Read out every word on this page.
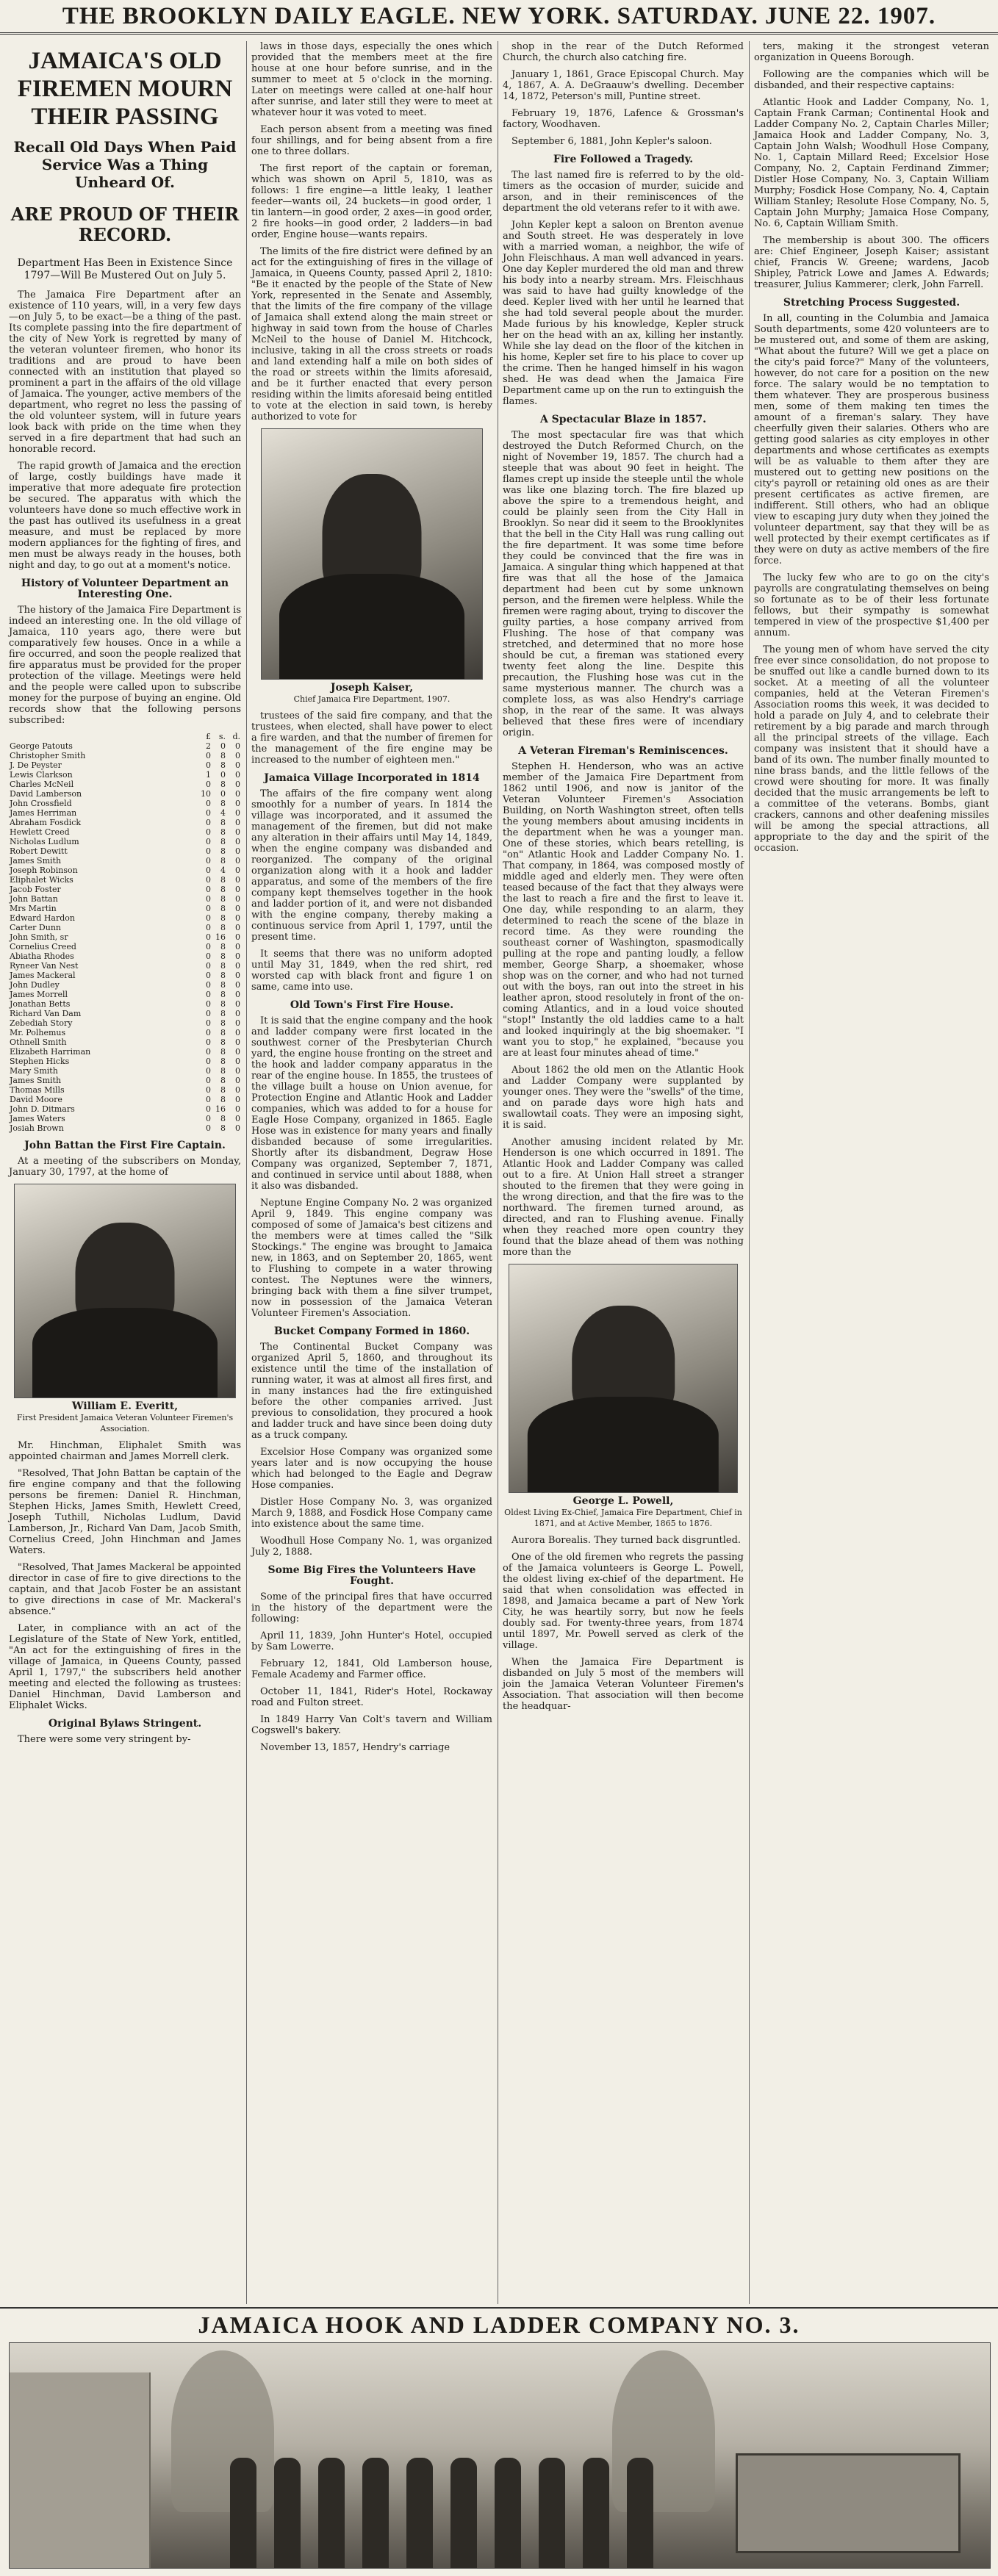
THE BROOKLYN DAILY EAGLE. NEW YORK. SATURDAY. JUNE 22. 1907.
JAMAICA'S OLD FIREMEN MOURN THEIR PASSING
Recall Old Days When Paid Service Was a Thing Unheard Of.
ARE PROUD OF THEIR RECORD.
Department Has Been in Existence Since 1797—Will Be Mustered Out on July 5.

The Jamaica Fire Department after an existence of 110 years, will, in a very few days—on July 5, to be exact—be a thing of the past. Its complete passing into the fire department of the city of New York is regretted by many of the veteran volunteer firemen, who honor its traditions and are proud to have been connected with an institution that played so prominent a part in the affairs of the old village of Jamaica. The younger, active members of the department, who regret no less the passing of the old volunteer system, will in future years look back with pride on the time when they served in a fire department that had such an honorable record.

The rapid growth of Jamaica and the erection of large, costly buildings have made it imperative that more adequate fire protection be secured. The apparatus with which the volunteers have done so much effective work in the past has outlived its usefulness in a great measure, and must be replaced by more modern appliances for the fighting of fires, and men must be always ready in the houses, both night and day, to go out at a moment's notice.

History of Volunteer Department an Interesting One.

The history of the Jamaica Fire Department is indeed an interesting one. In the old village of Jamaica, 110 years ago, there were but comparatively few houses. Once in a while a fire occurred, and soon the people realized that fire apparatus must be provided for the proper protection of the village. Meetings were held and the people were called upon to subscribe money for the purpose of buying an engine. Old records show that the following persons subscribed:

	£	s.	d.
George Patouts	2	0	0
Christopher Smith	0	8	0
J. De Peyster	0	8	0
Lewis Clarkson	1	0	0
Charles McNeil	0	8	0
David Lamberson	10	0	0
John Crossfield	0	8	0
James Herriman	0	4	0
Abraham Fosdick	0	8	0
Hewlett Creed	0	8	0
Nicholas Ludlum	0	8	0
Robert Dewitt	0	8	0
James Smith	0	8	0
Joseph Robinson	0	4	0
Eliphalet Wicks	0	8	0
Jacob Foster	0	8	0
John Battan	0	8	0
Mrs Martin	0	8	0
Edward Hardon	0	8	0
Carter Dunn	0	8	0
John Smith, sr	0	16	0
Cornelius Creed	0	8	0
Abiatha Rhodes	0	8	0
Ryneer Van Nest	0	8	0
James Mackeral	0	8	0
John Dudley	0	8	0
James Morrell	0	8	0
Jonathan Betts	0	8	0
Richard Van Dam	0	8	0
Zebediah Story	0	8	0
Mr. Polhemus	0	8	0
Othnell Smith	0	8	0
Elizabeth Harriman	0	8	0
Stephen Hicks	0	8	0
Mary Smith	0	8	0
James Smith	0	8	0
Thomas Mills	0	8	0
David Moore	0	8	0
John D. Ditmars	0	16	0
James Waters	0	8	0
Josiah Brown	0	8	0
John Battan the First Fire Captain.

At a meeting of the subscribers on Monday, January 30, 1797, at the home of

William E. Everitt,
First President Jamaica Veteran Volunteer Firemen's Association.

Mr. Hinchman, Eliphalet Smith was appointed chairman and James Morrell clerk.

"Resolved, That John Battan be captain of the fire engine company and that the following persons be firemen: Daniel R. Hinchman, Stephen Hicks, James Smith, Hewlett Creed, Joseph Tuthill, Nicholas Ludlum, David Lamberson, Jr., Richard Van Dam, Jacob Smith, Cornelius Creed, John Hinchman and James Waters.

"Resolved, That James Mackeral be appointed director in case of fire to give directions to the captain, and that Jacob Foster be an assistant to give directions in case of Mr. Mackeral's absence."

Later, in compliance with an act of the Legislature of the State of New York, entitled, "An act for the extinguishing of fires in the village of Jamaica, in Queens County, passed April 1, 1797," the subscribers held another meeting and elected the following as trustees: Daniel Hinchman, David Lamberson and Eliphalet Wicks.

Original Bylaws Stringent.

There were some very stringent by-

laws in those days, especially the ones which provided that the members meet at the fire house at one hour before sunrise, and in the summer to meet at 5 o'clock in the morning. Later on meetings were called at one-half hour after sunrise, and later still they were to meet at whatever hour it was voted to meet.

Each person absent from a meeting was fined four shillings, and for being absent from a fire one to three dollars.

The first report of the captain or foreman, which was shown on April 5, 1810, was as follows: 1 fire engine—a little leaky, 1 leather feeder—wants oil, 24 buckets—in good order, 1 tin lantern—in good order, 2 axes—in good order, 2 fire hooks—in good order, 2 ladders—in bad order, Engine house—wants repairs.

The limits of the fire district were defined by an act for the extinguishing of fires in the village of Jamaica, in Queens County, passed April 2, 1810: "Be it enacted by the people of the State of New York, represented in the Senate and Assembly, that the limits of the fire company of the village of Jamaica shall extend along the main street or highway in said town from the house of Charles McNeil to the house of Daniel M. Hitchcock, inclusive, taking in all the cross streets or roads and land extending half a mile on both sides of the road or streets within the limits aforesaid, and be it further enacted that every person residing within the limits aforesaid being entitled to vote at the election in said town, is hereby authorized to vote for

Joseph Kaiser,
Chief Jamaica Fire Department, 1907.

trustees of the said fire company, and that the trustees, when elected, shall have power to elect a fire warden, and that the number of firemen for the management of the fire engine may be increased to the number of eighteen men."

Jamaica Village Incorporated in 1814

The affairs of the fire company went along smoothly for a number of years. In 1814 the village was incorporated, and it assumed the management of the firemen, but did not make any alteration in their affairs until May 14, 1849, when the engine company was disbanded and reorganized. The company of the original organization along with it a hook and ladder apparatus, and some of the members of the fire company kept themselves together in the hook and ladder portion of it, and were not disbanded with the engine company, thereby making a continuous service from April 1, 1797, until the present time.

It seems that there was no uniform adopted until May 31, 1849, when the red shirt, red worsted cap with black front and figure 1 on same, came into use.

Old Town's First Fire House.

It is said that the engine company and the hook and ladder company were first located in the southwest corner of the Presbyterian Church yard, the engine house fronting on the street and the hook and ladder company apparatus in the rear of the engine house. In 1855, the trustees of the village built a house on Union avenue, for Protection Engine and Atlantic Hook and Ladder companies, which was added to for a house for Eagle Hose Company, organized in 1865. Eagle Hose was in existence for many years and finally disbanded because of some irregularities. Shortly after its disbandment, Degraw Hose Company was organized, September 7, 1871, and continued in service until about 1888, when it also was disbanded.

Neptune Engine Company No. 2 was organized April 9, 1849. This engine company was composed of some of Jamaica's best citizens and the members were at times called the "Silk Stockings." The engine was brought to Jamaica new, in 1863, and on September 20, 1865, went to Flushing to compete in a water throwing contest. The Neptunes were the winners, bringing back with them a fine silver trumpet, now in possession of the Jamaica Veteran Volunteer Firemen's Association.

Bucket Company Formed in 1860.

The Continental Bucket Company was organized April 5, 1860, and throughout its existence until the time of the installation of running water, it was at almost all fires first, and in many instances had the fire extinguished before the other companies arrived. Just previous to consolidation, they procured a hook and ladder truck and have since been doing duty as a truck company.

Excelsior Hose Company was organized some years later and is now occupying the house which had belonged to the Eagle and Degraw Hose companies.

Distler Hose Company No. 3, was organized March 9, 1888, and Fosdick Hose Company came into existence about the same time.

Woodhull Hose Company No. 1, was organized July 2, 1888.

Some Big Fires the Volunteers Have Fought.

Some of the principal fires that have occurred in the history of the department were the following:

April 11, 1839, John Hunter's Hotel, occupied by Sam Lowerre.

February 12, 1841, Old Lamberson house, Female Academy and Farmer office.

October 11, 1841, Rider's Hotel, Rockaway road and Fulton street.

In 1849 Harry Van Colt's tavern and William Cogswell's bakery.

November 13, 1857, Hendry's carriage

shop in the rear of the Dutch Reformed Church, the church also catching fire.

January 1, 1861, Grace Episcopal Church. May 4, 1867, A. A. DeGraauw's dwelling. December 14, 1872, Peterson's mill, Puntine street.

February 19, 1876, Lafence & Grossman's factory, Woodhaven.

September 6, 1881, John Kepler's saloon.

Fire Followed a Tragedy.

The last named fire is referred to by the old-timers as the occasion of murder, suicide and arson, and in their reminiscences of the department the old veterans refer to it with awe.

John Kepler kept a saloon on Brenton avenue and South street. He was desperately in love with a married woman, a neighbor, the wife of John Fleischhaus. A man well advanced in years. One day Kepler murdered the old man and threw his body into a nearby stream. Mrs. Fleischhaus was said to have had guilty knowledge of the deed. Kepler lived with her until he learned that she had told several people about the murder. Made furious by his knowledge, Kepler struck her on the head with an ax, killing her instantly. While she lay dead on the floor of the kitchen in his home, Kepler set fire to his place to cover up the crime. Then he hanged himself in his wagon shed. He was dead when the Jamaica Fire Department came up on the run to extinguish the flames.

A Spectacular Blaze in 1857.

The most spectacular fire was that which destroyed the Dutch Reformed Church, on the night of November 19, 1857. The church had a steeple that was about 90 feet in height. The flames crept up inside the steeple until the whole was like one blazing torch. The fire blazed up above the spire to a tremendous height, and could be plainly seen from the City Hall in Brooklyn. So near did it seem to the Brooklynites that the bell in the City Hall was rung calling out the fire department. It was some time before they could be convinced that the fire was in Jamaica. A singular thing which happened at that fire was that all the hose of the Jamaica department had been cut by some unknown person, and the firemen were helpless. While the firemen were raging about, trying to discover the guilty parties, a hose company arrived from Flushing. The hose of that company was stretched, and determined that no more hose should be cut, a fireman was stationed every twenty feet along the line. Despite this precaution, the Flushing hose was cut in the same mysterious manner. The church was a complete loss, as was also Hendry's carriage shop, in the rear of the same. It was always believed that these fires were of incendiary origin.

A Veteran Fireman's Reminiscences.

Stephen H. Henderson, who was an active member of the Jamaica Fire Department from 1862 until 1906, and now is janitor of the Veteran Volunteer Firemen's Association Building, on North Washington street, often tells the young members about amusing incidents in the department when he was a younger man. One of these stories, which bears retelling, is "on" Atlantic Hook and Ladder Company No. 1. That company, in 1864, was composed mostly of middle aged and elderly men. They were often teased because of the fact that they always were the last to reach a fire and the first to leave it. One day, while responding to an alarm, they determined to reach the scene of the blaze in record time. As they were rounding the southeast corner of Washington, spasmodically pulling at the rope and panting loudly, a fellow member, George Sharp, a shoemaker, whose shop was on the corner, and who had not turned out with the boys, ran out into the street in his leather apron, stood resolutely in front of the on-coming Atlantics, and in a loud voice shouted "stop!" Instantly the old laddies came to a halt and looked inquiringly at the big shoemaker. "I want you to stop," he explained, "because you are at least four minutes ahead of time."

About 1862 the old men on the Atlantic Hook and Ladder Company were supplanted by younger ones. They were the "swells" of the time, and on parade days wore high hats and swallowtail coats. They were an imposing sight, it is said.

Another amusing incident related by Mr. Henderson is one which occurred in 1891. The Atlantic Hook and Ladder Company was called out to a fire. At Union Hall street a stranger shouted to the firemen that they were going in the wrong direction, and that the fire was to the northward. The firemen turned around, as directed, and ran to Flushing avenue. Finally when they reached more open country they found that the blaze ahead of them was nothing more than the

George L. Powell,
Oldest Living Ex-Chief, Jamaica Fire Department, Chief in 1871, and at Active Member, 1865 to 1876.

Aurora Borealis. They turned back disgruntled.

One of the old firemen who regrets the passing of the Jamaica volunteers is George L. Powell, the oldest living ex-chief of the department. He said that when consolidation was effected in 1898, and Jamaica became a part of New York City, he was heartily sorry, but now he feels doubly sad. For twenty-three years, from 1874 until 1897, Mr. Powell served as clerk of the village.

When the Jamaica Fire Department is disbanded on July 5 most of the members will join the Jamaica Veteran Volunteer Firemen's Association. That association will then become the headquar-

ters, making it the strongest veteran organization in Queens Borough.

Following are the companies which will be disbanded, and their respective captains:

Atlantic Hook and Ladder Company, No. 1, Captain Frank Carman; Continental Hook and Ladder Company No. 2, Captain Charles Miller; Jamaica Hook and Ladder Company, No. 3, Captain John Walsh; Woodhull Hose Company, No. 1, Captain Millard Reed; Excelsior Hose Company, No. 2, Captain Ferdinand Zimmer; Distler Hose Company, No. 3, Captain William Murphy; Fosdick Hose Company, No. 4, Captain William Stanley; Resolute Hose Company, No. 5, Captain John Murphy; Jamaica Hose Company, No. 6, Captain William Smith.

The membership is about 300. The officers are: Chief Engineer, Joseph Kaiser; assistant chief, Francis W. Greene; wardens, Jacob Shipley, Patrick Lowe and James A. Edwards; treasurer, Julius Kammerer; clerk, John Farrell.

Stretching Process Suggested.

In all, counting in the Columbia and Jamaica South departments, some 420 volunteers are to be mustered out, and some of them are asking, "What about the future? Will we get a place on the city's paid force?" Many of the volunteers, however, do not care for a position on the new force. The salary would be no temptation to them whatever. They are prosperous business men, some of them making ten times the amount of a fireman's salary. They have cheerfully given their salaries. Others who are getting good salaries as city employes in other departments and whose certificates as exempts will be as valuable to them after they are mustered out to getting new positions on the city's payroll or retaining old ones as are their present certificates as active firemen, are indifferent. Still others, who had an oblique view to escaping jury duty when they joined the volunteer department, say that they will be as well protected by their exempt certificates as if they were on duty as active members of the fire force.

The lucky few who are to go on the city's payrolls are congratulating themselves on being so fortunate as to be of their less fortunate fellows, but their sympathy is somewhat tempered in view of the prospective $1,400 per annum.

The young men of whom have served the city free ever since consolidation, do not propose to be snuffed out like a candle burned down to its socket. At a meeting of all the volunteer companies, held at the Veteran Firemen's Association rooms this week, it was decided to hold a parade on July 4, and to celebrate their retirement by a big parade and march through all the principal streets of the village. Each company was insistent that it should have a band of its own. The number finally mounted to nine brass bands, and the little fellows of the crowd were shouting for more. It was finally decided that the music arrangements be left to a committee of the veterans. Bombs, giant crackers, cannons and other deafening missiles will be among the special attractions, all appropriate to the day and the spirit of the occasion.

JAMAICA HOOK AND LADDER COMPANY NO. 3.
